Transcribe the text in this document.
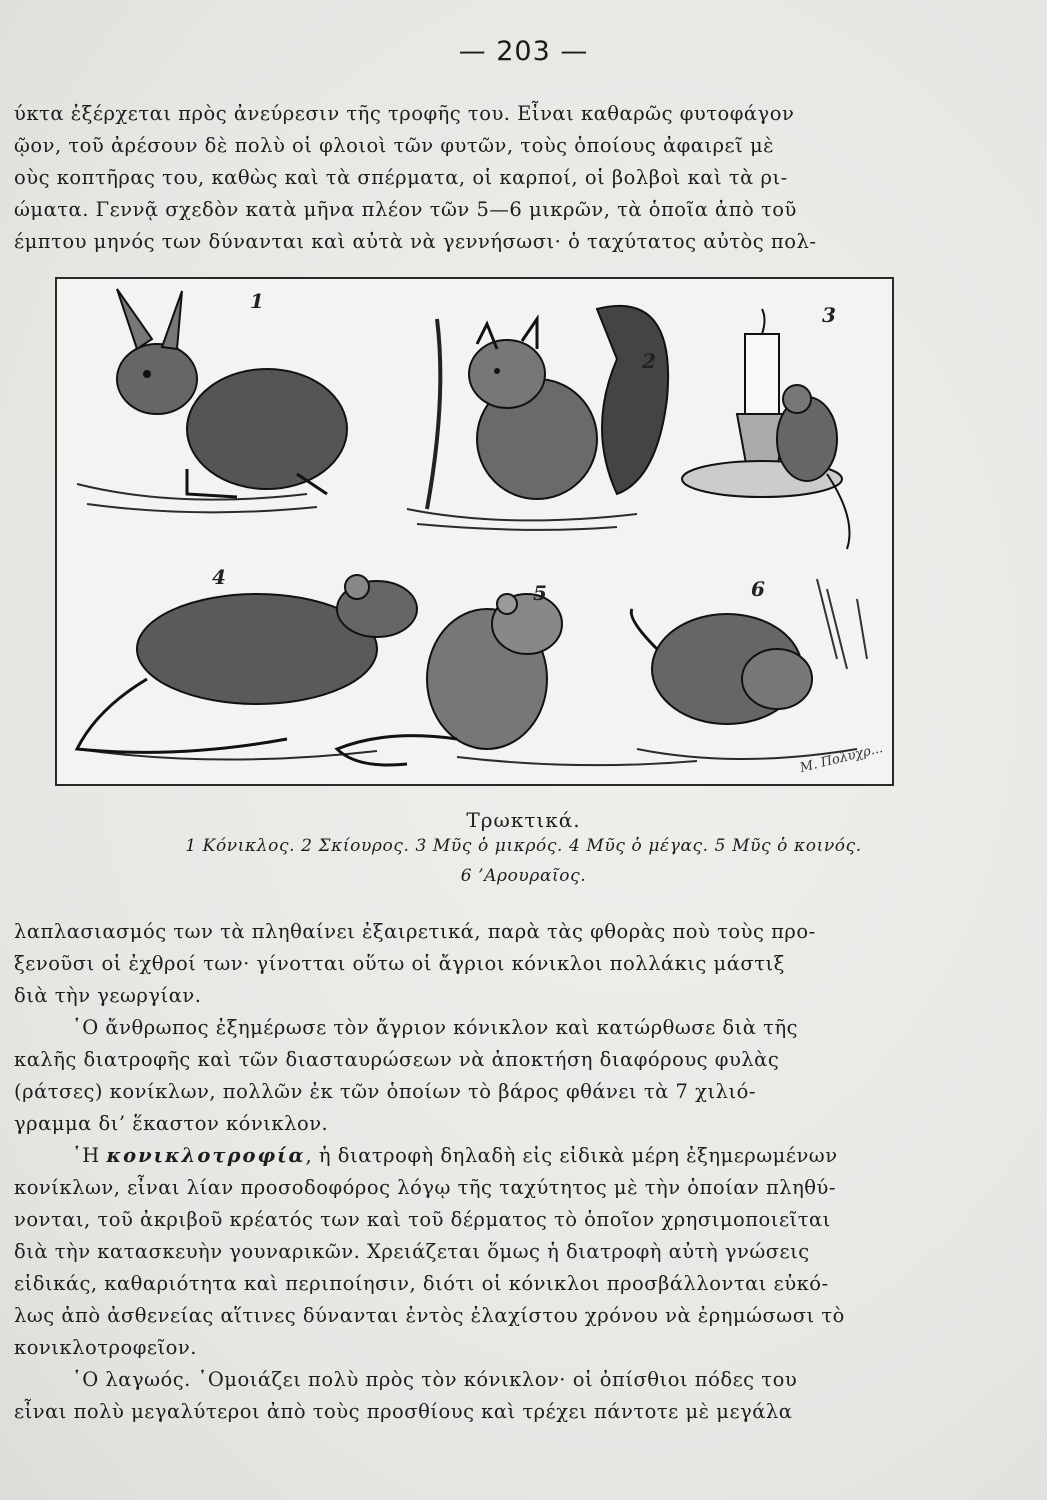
— 203 —

ύκτα ἐξέρχεται πρὸς ἀνεύρεσιν τῆς τροφῆς του. Εἶναι καθαρῶς φυτοφάγον

ῷον, τοῦ ἀρέσουν δὲ πολὺ οἱ φλοιοὶ τῶν φυτῶν, τοὺς ὁποίους ἀφαιρεῖ μὲ

οὺς κοπτῆρας του, καθὼς καὶ τὰ σπέρματα, οἱ καρποί, οἱ βολβοὶ καὶ τὰ ρι-

ώματα. Γεννᾷ σχεδὸν κατὰ μῆνα πλέον τῶν 5—6 μικρῶν, τὰ ὁποῖα ἀπὸ τοῦ

έμπτου μηνός των δύνανται καὶ αὐτὰ νὰ γεννήσωσι· ὁ ταχύτατος αὐτὸς πολ-

1
2
3
4
5	6
M. Πολυχρ...
Τρωκτικά.
1 Κόνικλος. 2 Σκίουρος. 3 Μῦς ὁ μικρός. 4 Μῦς ὁ μέγας. 5 Μῦς ὁ κοινός.
6 ’Αρουραῖος.

λαπλασιασμός των τὰ πληθαίνει ἐξαιρετικά, παρὰ τὰς φθορὰς ποὺ τοὺς προ-

ξενοῦσι οἱ ἐχθροί των· γίνοτται οὕτω οἱ ἄγριοι κόνικλοι πολλάκις μάστιξ

διὰ τὴν γεωργίαν.

῾Ο ἄνθρωπος ἐξημέρωσε τὸν ἄγριον κόνικλον καὶ κατώρθωσε διὰ τῆς

καλῆς διατροφῆς καὶ τῶν διασταυρώσεων νὰ ἀποκτήση διαφόρους φυλὰς

(ράτσες) κονίκλων, πολλῶν ἐκ τῶν ὁποίων τὸ βάρος φθάνει τὰ 7 χιλιό-

γραμμα δι’ ἕκαστον κόνικλον.

῾Η κονικλοτροφία, ἡ διατροφὴ δηλαδὴ εἰς εἰδικὰ μέρη ἐξημερωμένων

κονίκλων, εἶναι λίαν προσοδοφόρος λόγῳ τῆς ταχύτητος μὲ τὴν ὁποίαν πληθύ-

νονται, τοῦ ἀκριβοῦ κρέατός των καὶ τοῦ δέρματος τὸ ὁποῖον χρησιμοποιεῖται

διὰ τὴν κατασκευὴν γουναρικῶν. Χρειάζεται ὅμως ἡ διατροφὴ αὐτὴ γνώσεις

εἰδικάς, καθαριότητα καὶ περιποίησιν, διότι οἱ κόνικλοι προσβάλλονται εὐκό-

λως ἀπὸ ἀσθενείας αἵτινες δύνανται ἐντὸς ἐλαχίστου χρόνου νὰ ἐρημώσωσι τὸ

κονικλοτροφεῖον.

῾Ο λαγωός. ῾Ομοιάζει πολὺ πρὸς τὸν κόνικλον· οἱ ὀπίσθιοι πόδες του

εἶναι πολὺ μεγαλύτεροι ἀπὸ τοὺς προσθίους καὶ τρέχει πάντοτε μὲ μεγάλα
